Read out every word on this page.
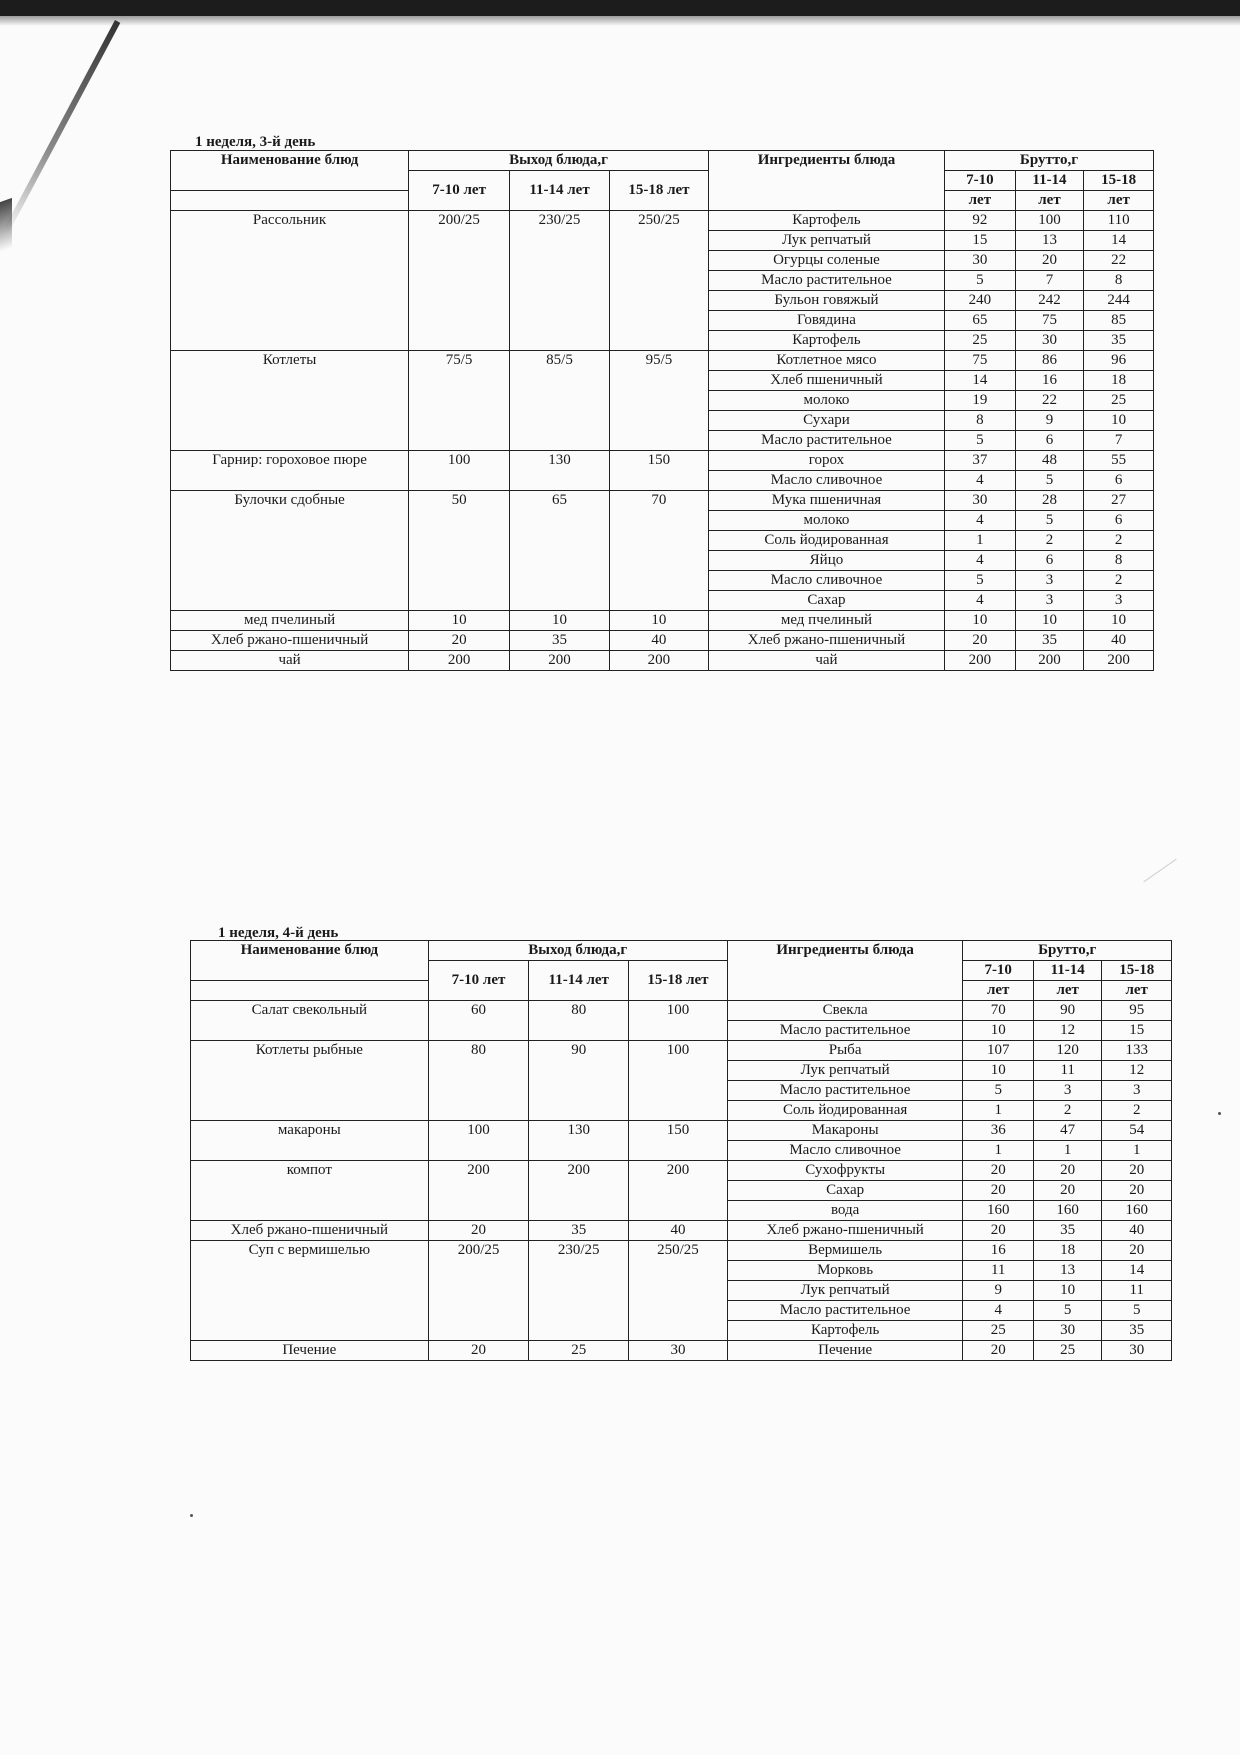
1 неделя, 3-й день
Наименование блюд	Выход блюда,г			Ингредиенты блюда	Брутто,г		
	7-10 лет	11-14 лет	15-18 лет		7-10	11-14	15-18
					лет	лет	лет
Рассольник	200/25	230/25	250/25	Картофель	92	100	110
				Лук репчатый	15	13	14
				Огурцы соленые	30	20	22
				Масло растительное	5	7	8
				Бульон говяжый	240	242	244
				Говядина	65	75	85
				Картофель	25	30	35
Котлеты	75/5	85/5	95/5	Котлетное мясо	75	86	96
				Хлеб пшеничный	14	16	18
				молоко	19	22	25
				Сухари	8	9	10
				Масло растительное	5	6	7
Гарнир: гороховое пюре	100	130	150	горох	37	48	55
				Масло сливочное	4	5	6
Булочки сдобные	50	65	70	Мука пшеничная	30	28	27
				молоко	4	5	6
				Соль йодированная	1	2	2
				Яйцо	4	6	8
				Масло сливочное	5	3	2
				Сахар	4	3	3
мед пчелиный	10	10	10	мед пчелиный	10	10	10
Хлеб ржано-пшеничный	20	35	40	Хлеб ржано-пшеничный	20	35	40
чай	200	200	200	чай	200	200	200
1 неделя, 4-й день
Наименование блюд	Выход блюда,г			Ингредиенты блюда	Брутто,г		
	7-10 лет	11-14 лет	15-18 лет		7-10	11-14	15-18
					лет	лет	лет
Салат свекольный	60	80	100	Свекла	70	90	95
				Масло растительное	10	12	15
Котлеты рыбные	80	90	100	Рыба	107	120	133
				Лук репчатый	10	11	12
				Масло растительное	5	3	3
				Соль йодированная	1	2	2
макароны	100	130	150	Макароны	36	47	54
				Масло сливочное	1	1	1
компот	200	200	200	Сухофрукты	20	20	20
				Сахар	20	20	20
				вода	160	160	160
Хлеб ржано-пшеничный	20	35	40	Хлеб ржано-пшеничный	20	35	40
Суп с вермишелью	200/25	230/25	250/25	Вермишель	16	18	20
				Морковь	11	13	14
				Лук репчатый	9	10	11
				Масло растительное	4	5	5
				Картофель	25	30	35
Печение	20	25	30	Печение	20	25	30
